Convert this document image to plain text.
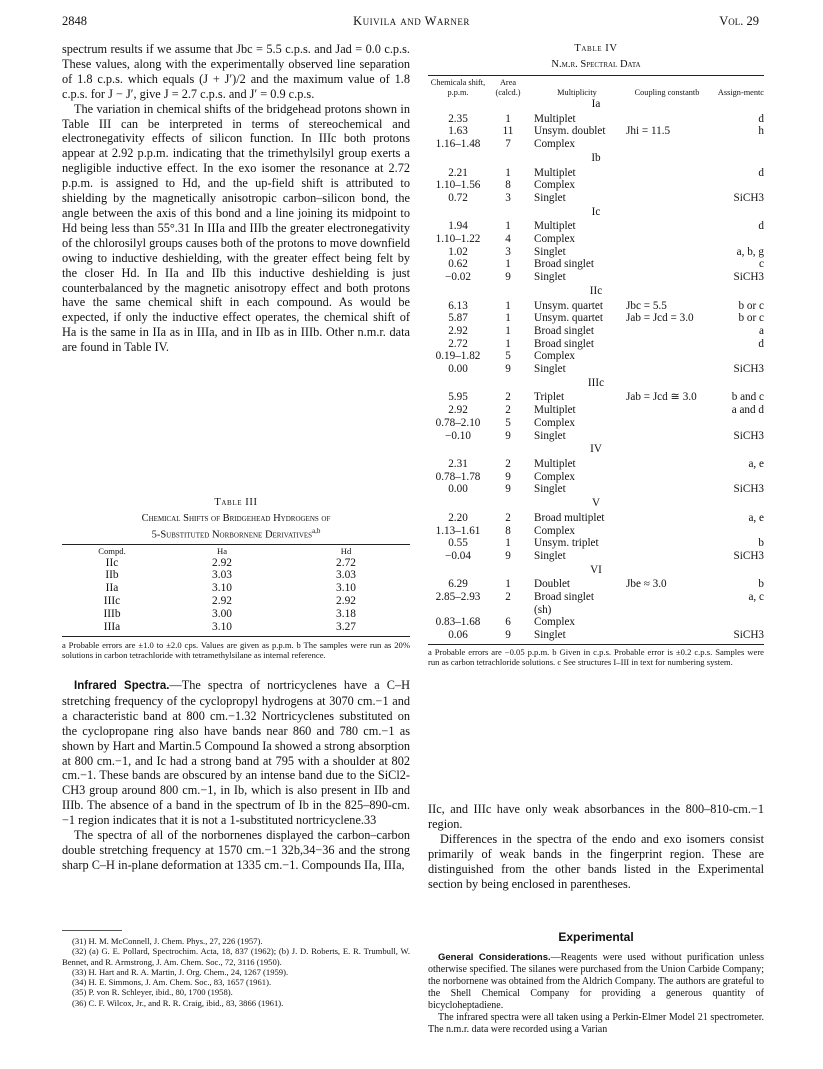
2848	Kuivila and Warner	Vol. 29

spectrum results if we assume that Jbc = 5.5 c.p.s. and Jad = 0.0 c.p.s. These values, along with the experimentally observed line separation of 1.8 c.p.s. which equals (J + J′)/2 and the maximum value of 1.8 c.p.s. for J − J′, give J = 2.7 c.p.s. and J′ = 0.9 c.p.s.

The variation in chemical shifts of the bridgehead protons shown in Table III can be interpreted in terms of stereochemical and electronegativity effects of silicon function. In IIIc both protons appear at 2.92 p.p.m. indicating that the trimethylsilyl group exerts a negligible inductive effect. In the exo isomer the resonance at 2.72 p.p.m. is assigned to Hd, and the up-field shift is attributed to shielding by the magnetically anisotropic carbon–silicon bond, the angle between the axis of this bond and a line joining its midpoint to Hd being less than 55°.31 In IIIa and IIIb the greater electronegativity of the chlorosilyl groups causes both of the protons to move downfield owing to inductive deshielding, with the greater effect being felt by the closer Hd. In IIa and IIb this inductive deshielding is just counterbalanced by the magnetic anisotropy effect and both protons have the same chemical shift in each compound. As would be expected, if only the inductive effect operates, the chemical shift of Ha is the same in IIa as in IIIa, and in IIb as in IIIb. Other n.m.r. data are found in Table IV.

Table III
Chemical Shifts of Bridgehead Hydrogens of
5-Substituted Norbornene Derivatives$^{a,b}$
Compd.	Ha	Hd
IIc	2.92	2.72
IIb	3.03	3.03
IIa	3.10	3.10
IIIc	2.92	2.92
IIIb	3.00	3.18
IIIa	3.10	3.27
a Probable errors are ±1.0 to ±2.0 cps. Values are given as p.p.m. b The samples were run as 20% solutions in carbon tetrachloride with tetramethylsilane as internal reference.

Infrared Spectra.—The spectra of nortricyclenes have a C–H stretching frequency of the cyclopropyl hydrogens at 3070 cm.−1 and a characteristic band at 800 cm.−1.32 Nortricyclenes substituted on the cyclopropane ring also have bands near 860 and 780 cm.−1 as shown by Hart and Martin.5 Compound Ia showed a strong absorption at 800 cm.−1, and Ic had a strong band at 795 with a shoulder at 802 cm.−1. These bands are obscured by an intense band due to the SiCl2-CH3 group around 800 cm.−1, in Ib, which is also present in IIb and IIIb. The absence of a band in the spectrum of Ib in the 825–890-cm.−1 region indicates that it is not a 1-substituted nortricyclene.33

The spectra of all of the norbornenes displayed the carbon–carbon double stretching frequency at 1570 cm.−1 32b,34−36 and the strong sharp C–H in-plane deformation at 1335 cm.−1. Compounds IIa, IIIa,

(31) H. M. McConnell, J. Chem. Phys., 27, 226 (1957).
(32) (a) G. E. Pollard, Spectrochim. Acta, 18, 837 (1962); (b) J. D. Roberts, E. R. Trumbull, W. Bennet, and R. Armstrong, J. Am. Chem. Soc., 72, 3116 (1950).
(33) H. Hart and R. A. Martin, J. Org. Chem., 24, 1267 (1959).
(34) H. E. Simmons, J. Am. Chem. Soc., 83, 1657 (1961).
(35) P. von R. Schleyer, ibid., 80, 1700 (1958).
(36) C. F. Wilcox, Jr., and R. R. Craig, ibid., 83, 3866 (1961).
Table IV
N.m.r. Spectral Data
Chemicala shift, p.p.m.	Area (calcd.)	Multiplicity	Coupling constantb	Assign-mentc
Ia				
2.35	1	Multiplet		d
1.63	11	Unsym. doublet	Jhi = 11.5	h
1.16–1.48	7	Complex		
Ib				
2.21	1	Multiplet		d
1.10–1.56	8	Complex		
0.72	3	Singlet		SiCH3
Ic				
1.94	1	Multiplet		d
1.10–1.22	4	Complex		
1.02	3	Singlet		a, b, g
0.62	1	Broad singlet		c
−0.02	9	Singlet		SiCH3
IIc				
6.13	1	Unsym. quartet	Jbc = 5.5	b or c
5.87	1	Unsym. quartet	Jab = Jcd = 3.0	b or c
2.92	1	Broad singlet		a
2.72	1	Broad singlet		d
0.19–1.82	5	Complex		
0.00	9	Singlet		SiCH3
IIIc				
5.95	2	Triplet	Jab = Jcd ≅ 3.0	b and c
2.92	2	Multiplet		a and d
0.78–2.10	5	Complex		
−0.10	9	Singlet		SiCH3
IV				
2.31	2	Multiplet		a, e
0.78–1.78	9	Complex		
0.00	9	Singlet		SiCH3
V				
2.20	2	Broad multiplet		a, e
1.13–1.61	8	Complex		
0.55	1	Unsym. triplet		b
−0.04	9	Singlet		SiCH3
VI				
6.29	1	Doublet	Jbe ≈ 3.0	b
2.85–2.93	2	Broad singlet		a, c
		(sh)		
0.83–1.68	6	Complex		
0.06	9	Singlet		SiCH3
a Probable errors are −0.05 p.p.m. b Given in c.p.s. Probable error is ±0.2 c.p.s. Samples were run as carbon tetrachloride solutions. c See structures I–III in text for numbering system.

IIc, and IIIc have only weak absorbances in the 800–810-cm.−1 region.

Differences in the spectra of the endo and exo isomers consist primarily of weak bands in the fingerprint region. These are distinguished from the other bands listed in the Experimental section by being enclosed in parentheses.

Experimental

General Considerations.—Reagents were used without purification unless otherwise specified. The silanes were purchased from the Union Carbide Company; the norbornene was obtained from the Aldrich Company. The authors are grateful to the Shell Chemical Company for providing a generous quantity of bicycloheptadiene.

The infrared spectra were all taken using a Perkin-Elmer Model 21 spectrometer. The n.m.r. data were recorded using a Varian
